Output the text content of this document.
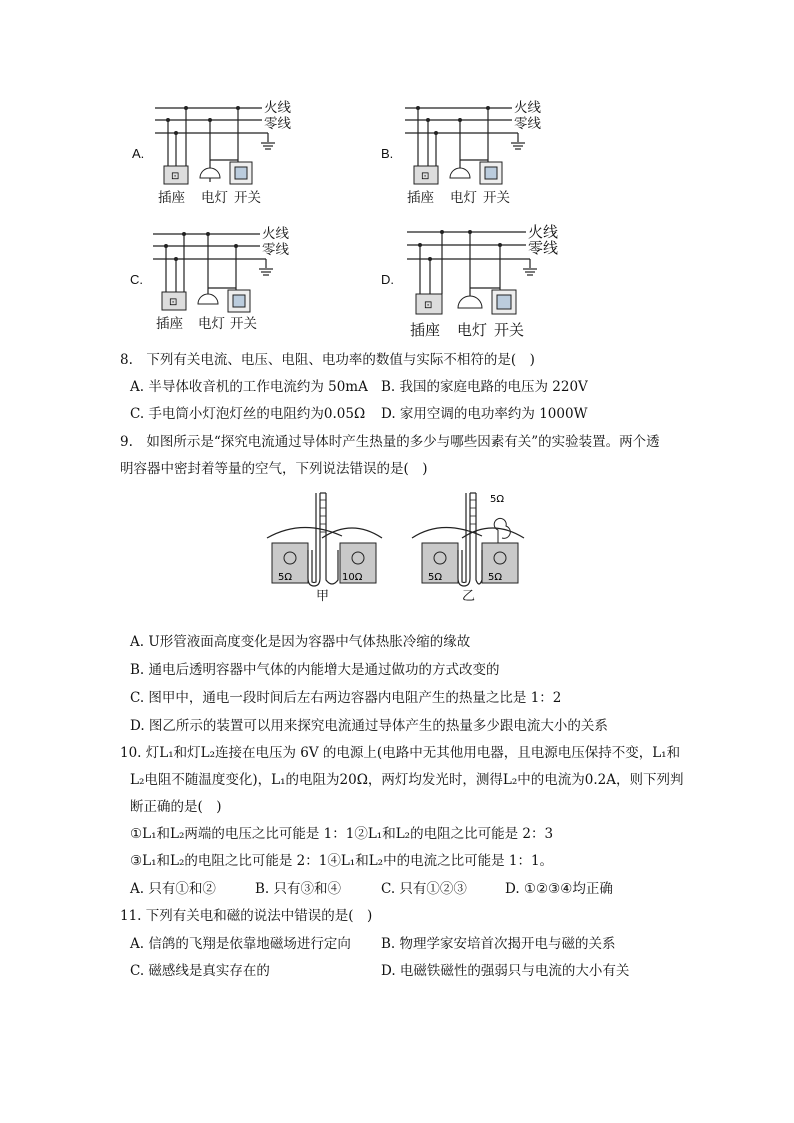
A.
⊡
火线
零线
插座 电灯 开关
B.
⊡
火线
零线
插座 电灯 开关
C.
⊡
火线
零线
插座 电灯 开关
D.
⊡
火线
零线
插座 电灯 开关
8.　下列有关电流、电压、电阻、电功率的数值与实际不相符的是(　)
A. 半导体收音机的工作电流约为 50mA B. 我国的家庭电路的电压为 220V
C. 手电筒小灯泡灯丝的电阻约为0.05Ω D. 家用空调的电功率约为 1000W
9.　如图所示是“探究电流通过导体时产生热量的多少与哪些因素有关”的实验装置。两个透
明容器中密封着等量的空气，下列说法错误的是(　)
5Ω	10Ω
甲
5Ω
5Ω	5Ω
乙
A. U形管液面高度变化是因为容器中气体热胀冷缩的缘故
B. 通电后透明容器中气体的内能增大是通过做功的方式改变的
C. 图甲中，通电一段时间后左右两边容器内电阻产生的热量之比是 1：2
D. 图乙所示的装置可以用来探究电流通过导体产生的热量多少跟电流大小的关系
10. 灯L₁和灯L₂连接在电压为 6V 的电源上(电路中无其他用电器，且电源电压保持不变，L₁和
L₂电阻不随温度变化)，L₁的电阻为20Ω，两灯均发光时，测得L₂中的电流为0.2A，则下列判
断正确的是(　)
①L₁和L₂两端的电压之比可能是 1：1②L₁和L₂的电阻之比可能是 2：3
③L₁和L₂的电阻之比可能是 2：1④L₁和L₂中的电流之比可能是 1：1。
A. 只有①和②	B. 只有③和④	C. 只有①②③	D. ①②③④均正确
11. 下列有关电和磁的说法中错误的是(　)
A. 信鸽的飞翔是依靠地磁场进行定向 B. 物理学家安培首次揭开电与磁的关系
C. 磁感线是真实存在的	D. 电磁铁磁性的强弱只与电流的大小有关
